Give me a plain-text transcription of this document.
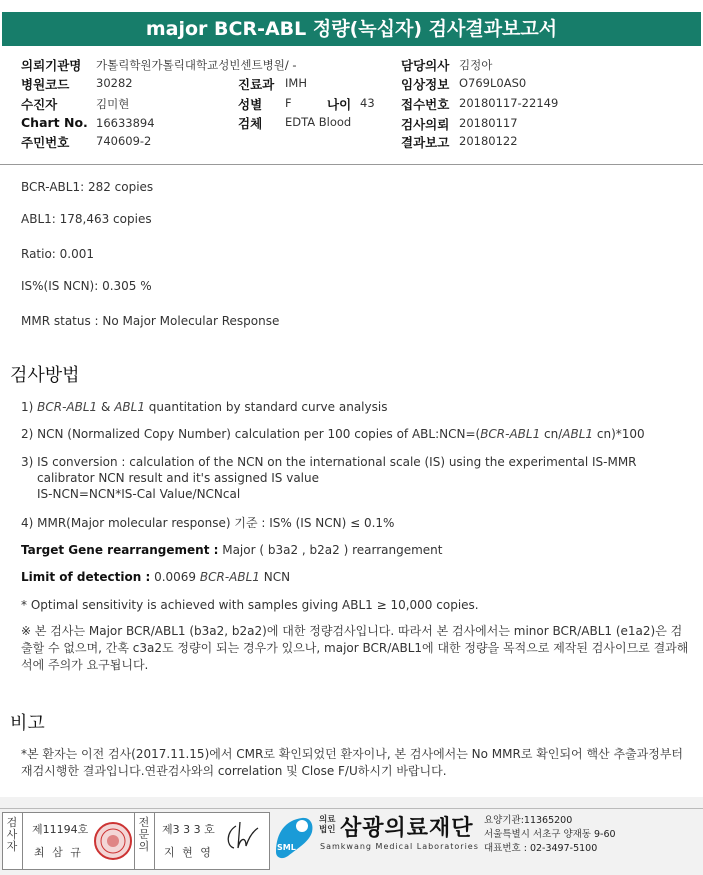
major BCR-ABL 정량(녹십자) 검사결과보고서
의뢰기관명 가톨릭학원가톨릭대학교성빈센트병원/ -
병원코드 30282
수진자	김미현
Chart No. 16633894
주민번호 740609-2
진료과 IMH
성별 F	나이 43
검체 EDTA Blood
담당의사 김정아
임상정보 O769L0AS0
접수번호 20180117-22149
검사의뢰 20180117
결과보고 20180122
BCR-ABL1: 282 copies
ABL1: 178,463 copies
Ratio: 0.001
IS%(IS NCN): 0.305 %
MMR status : No Major Molecular Response
검사방법
1) BCR-ABL1 & ABL1 quantitation by standard curve analysis
2) NCN (Normalized Copy Number) calculation per 100 copies of ABL:NCN=(BCR-ABL1 cn/ABL1 cn)*100
3) IS conversion : calculation of the NCN on the international scale (IS) using the experimental IS-MMR
calibrator NCN result and it's assigned IS value
IS-NCN=NCN*IS-Cal Value/NCNcal
4) MMR(Major molecular response) 기준 : IS% (IS NCN) ≤ 0.1%
Target Gene rearrangement : Major ( b3a2 , b2a2 ) rearrangement
Limit of detection : 0.0069 BCR-ABL1 NCN
* Optimal sensitivity is achieved with samples giving ABL1 ≥ 10,000 copies.
※ 본 검사는 Major BCR/ABL1 (b3a2, b2a2)에 대한 정량검사입니다. 따라서 본 검사에서는 minor BCR/ABL1 (e1a2)은 검출할 수 없으며, 간혹 c3a2도 정량이 되는 경우가 있으나, major BCR/ABL1에 대한 정량을 목적으로 제작된 검사이므로 결과해석에 주의가 요구됩니다.
비고
*본 환자는 이전 검사(2017.11.15)에서 CMR로 확인되었던 환자이나, 본 검사에서는 No MMR로 확인되어 핵산 추출과정부터 재검시행한 결과입니다.연관검사와의 correlation 및 Close F/U하시기 바랍니다.
검사자
제11194호
최 삼 규
전문의
제3 3 3 호
지 현 영	SML
의료법인 삼광의료재단
Samkwang Medical Laboratories
요양기관:11365200
서울특별시 서초구 양재동 9-60
대표번호 : 02-3497-5100
